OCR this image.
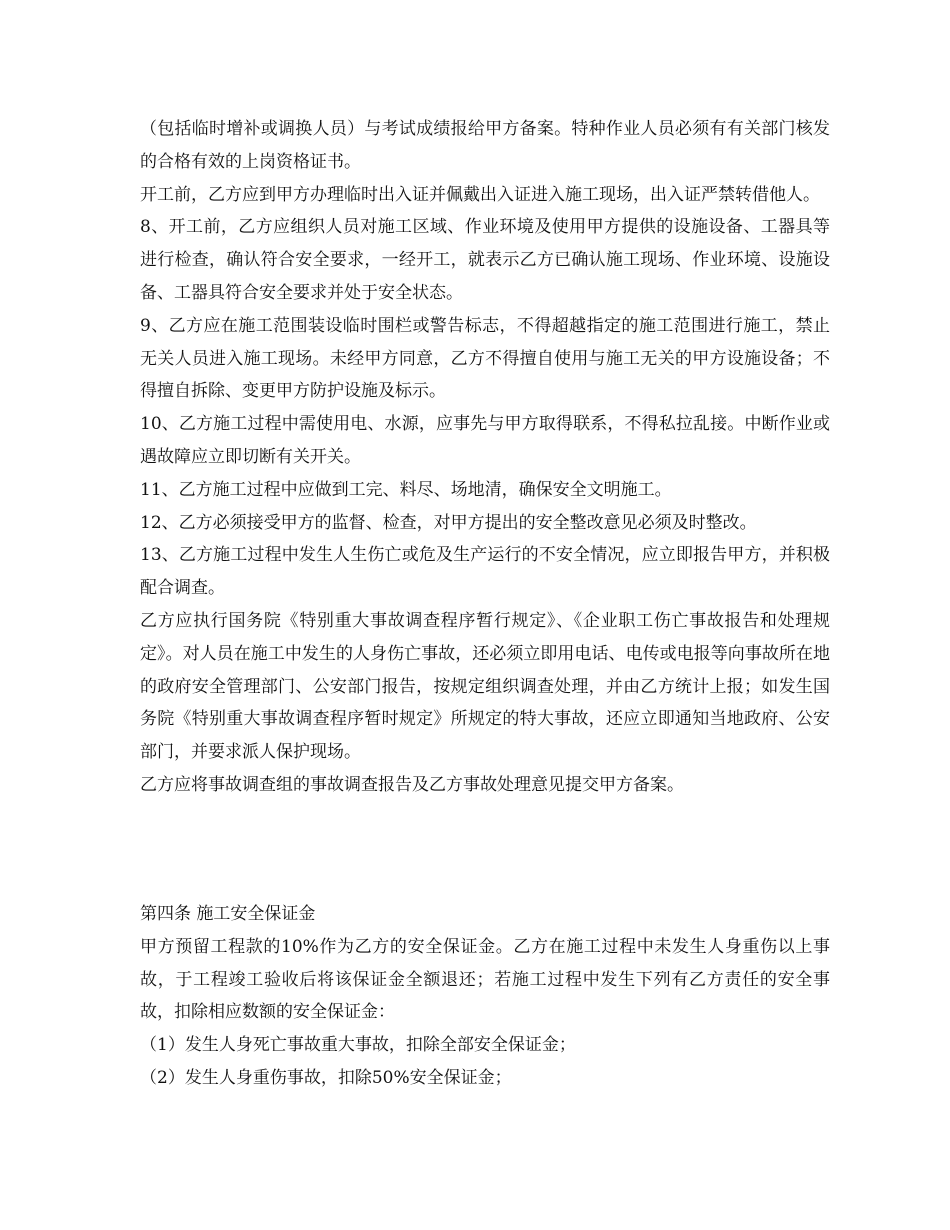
（包括临时增补或调换人员）与考试成绩报给甲方备案。特种作业人员必须有有关部门核发的合格有效的上岗资格证书。

开工前，乙方应到甲方办理临时出入证并佩戴出入证进入施工现场，出入证严禁转借他人。

8、开工前，乙方应组织人员对施工区域、作业环境及使用甲方提供的设施设备、工器具等进行检查，确认符合安全要求，一经开工，就表示乙方已确认施工现场、作业环境、设施设备、工器具符合安全要求并处于安全状态。

9、乙方应在施工范围装设临时围栏或警告标志，不得超越指定的施工范围进行施工，禁止无关人员进入施工现场。未经甲方同意，乙方不得擅自使用与施工无关的甲方设施设备；不得擅自拆除、变更甲方防护设施及标示。

10、乙方施工过程中需使用电、水源，应事先与甲方取得联系，不得私拉乱接。中断作业或遇故障应立即切断有关开关。

11、乙方施工过程中应做到工完、料尽、场地清，确保安全文明施工。

12、乙方必须接受甲方的监督、检查，对甲方提出的安全整改意见必须及时整改。

13、乙方施工过程中发生人生伤亡或危及生产运行的不安全情况，应立即报告甲方，并积极配合调查。

乙方应执行国务院《特别重大事故调查程序暂行规定》、《企业职工伤亡事故报告和处理规定》。对人员在施工中发生的人身伤亡事故，还必须立即用电话、电传或电报等向事故所在地的政府安全管理部门、公安部门报告，按规定组织调查处理，并由乙方统计上报；如发生国务院《特别重大事故调查程序暂时规定》所规定的特大事故，还应立即通知当地政府、公安部门，并要求派人保护现场。

乙方应将事故调查组的事故调查报告及乙方事故处理意见提交甲方备案。

第四条 施工安全保证金

甲方预留工程款的10%作为乙方的安全保证金。乙方在施工过程中未发生人身重伤以上事故，于工程竣工验收后将该保证金全额退还；若施工过程中发生下列有乙方责任的安全事故，扣除相应数额的安全保证金：

（1）发生人身死亡事故重大事故，扣除全部安全保证金；

（2）发生人身重伤事故，扣除50%安全保证金；
